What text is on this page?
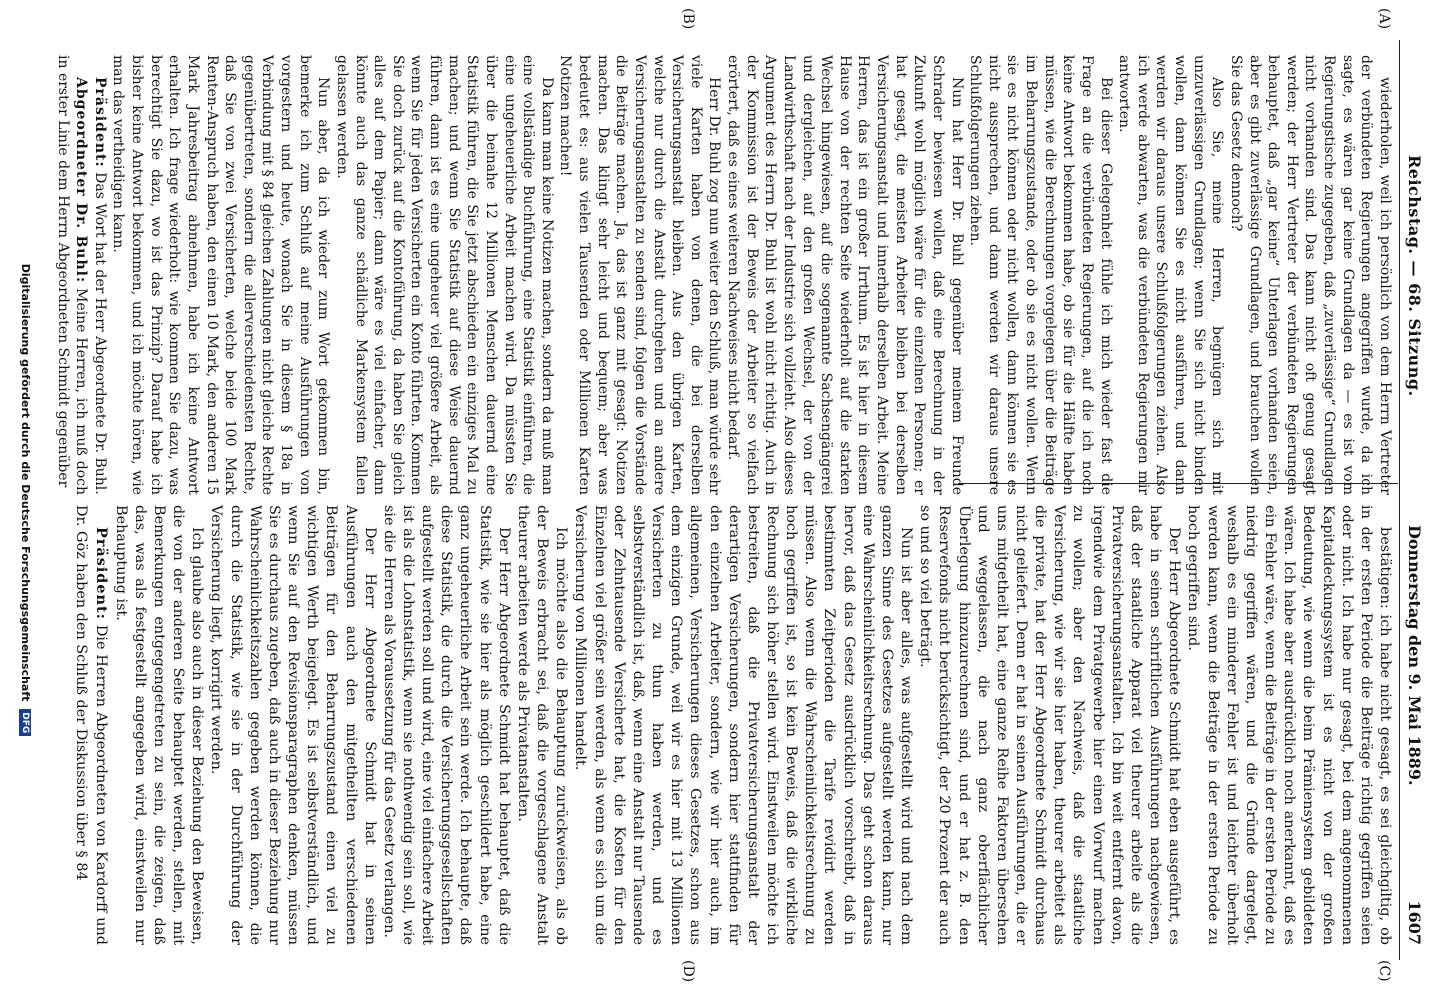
Reichstag. — 68. Sitzung.
Donnerstag den 9. Mai 1889.
1607
(A)
(B)
(C)
(D)

wiederholen, weil ich persönlich von dem Herrn Vertreter der verbündeten Regierungen angegriffen wurde, da ich sagte, es wären gar keine Grundlagen da — es ist vom Regierungstische zugegeben, daß „zuverlässige“ Grundlagen nicht vorhanden sind. Das kann nicht oft genug gesagt werden; der Herr Vertreter der verbündeten Regierungen behauptet, daß „gar keine“ Unterlagen vorhanden seien, aber es gibt zuverlässige Grundlagen, und brauchen wollen Sie das Gesetz dennoch?

Also Sie, meine Herren, begnügen sich mit unzuverlässigen Grundlagen; wenn Sie sich nicht binden wollen, dann können Sie es nicht ausführen, und dann werden wir daraus unsere Schlußfolgerungen ziehen. Also ich werde abwarten, was die verbündeten Regierungen mir antworten.

Bei dieser Gelegenheit fühle ich mich wieder fast die Frage an die verbündeten Regierungen, auf die ich noch keine Antwort bekommen habe, ob sie für die Hälfte haben müssen, wie die Berechnungen vorgelegen über die Beiträge im Beharrungszustande, oder ob sie es nicht wollen. Wenn sie es nicht können oder nicht wollen, dann können sie es nicht aussprechen, und dann werden wir daraus unsere Schlußfolgerungen ziehen.

Nun hat Herr Dr. Buhl gegenüber meinem Freunde Schrader bewiesen wollen, daß eine Berechnung in der Zukunft wohl möglich wäre für die einzelnen Personen; er hat gesagt, die meisten Arbeiter bleiben bei derselben Versicherungsanstalt und innerhalb derselben Arbeit. Meine Herren, das ist ein großer Irrthum. Es ist hier in diesem Hause von der rechten Seite wiederholt auf die starken Wechsel hingewiesen, auf die sogenannte Sachsengängerei und dergleichen, auf den großen Wechsel, der von der Landwirthschaft nach der Industrie sich vollzieht. Also dieses Argument des Herrn Dr. Buhl ist wohl nicht richtig. Auch in der Kommission ist der Beweis der Arbeiter so vielfach erörtert, daß es eines weiteren Nachweises nicht bedarf.

Herr Dr. Buhl zog nun weiter den Schluß, man würde sehr viele Karten haben von denen, die bei derselben Versicherungsanstalt bleiben. Aus den übrigen Karten, welche nur durch die Anstalt durchgehen und an andere Versicherungsanstalten zu senden sind, folgen die Vorstände die Beiträge machen. Ja, das ist ganz mit gesagt: Notizen machen. Das klingt sehr leicht und bequem; aber was bedeutet es: aus vielen Tausenden oder Millionen Karten Notizen machen!

Da kann man keine Notizen machen, sondern da muß man eine vollständige Buchführung, eine Statistik einführen, die eine ungeheuerliche Arbeit machen wird. Da müssten Sie über die beinahe 12 Millionen Menschen dauernd eine Statistik führen, die Sie jetzt abschieden ein einziges Mal zu machen; und wenn Sie Statistik auf diese Weise dauernd führen, dann ist es eine ungeheuer viel größere Arbeit, als wenn Sie für jeden Versicherten ein Konto führten. Kommen Sie doch zurück auf die Kontoführung, da haben Sie gleich alles auf dem Papier; dann wäre es viel einfacher, dann könnte auch das ganze schädliche Markensystem fallen gelassen werden.

Nun aber, da ich wieder zum Wort gekommen bin, bemerke ich zum Schluß auf meine Ausführungen von vorgestern und heute, wonach Sie in diesem § 18a in Verbindung mit § 84 gleichen Zahlungen nicht gleiche Rechte gegenübertreten, sondern die allerverschiedensten Rechte, daß Sie von zwei Versicherten, welche beide 100 Mark Renten-Anspruch haben, den einen 10 Mark, den anderen 15 Mark Jahresbeitrag abnehmen, habe ich keine Antwort erhalten. Ich frage wiederholt: wie kommen Sie dazu, was berechtigt Sie dazu, wo ist das Prinzip? Darauf habe ich bisher keine Antwort bekommen, und ich möchte hören, wie man das vertheidigen kann.

Präsident: Das Wort hat der Herr Abgeordnete Dr. Buhl.

Abgeordneter Dr. Buhl: Meine Herren, ich muß doch in erster Linie dem Herrn Abgeordneten Schmidt gegenüber

bestätigen: ich habe nicht gesagt, es sei gleichgiltig, ob in der ersten Periode die Beiträge richtig gegriffen seien oder nicht. Ich habe nur gesagt, bei dem angenommenen Kapitaldeckungssystem ist es nicht von der großen Bedeutung, wie wenn die beim Prämiensystem gebildeten wären. Ich habe aber ausdrücklich noch anerkannt, daß es ein Fehler wäre, wenn die Beiträge in der ersten Periode zu niedrig gegriffen wären, und die Gründe dargelegt, weshalb es ein minderer Fehler ist und leichter überholt werden kann, wenn die Beiträge in der ersten Periode zu hoch gegriffen sind.

Der Herr Abgeordnete Schmidt hat eben ausgeführt, es habe in seinen schriftlichen Ausführungen nachgewiesen, daß der staatliche Apparat viel theurer arbeite als die Privatversicherungsanstalten. Ich bin weit entfernt davon, irgendwie dem Privatgewerbe hier einen Vorwurf machen zu wollen; aber den Nachweis, daß die staatliche Versicherung, wie wir sie hier haben, theurer arbeitet als die private, hat der Herr Abgeordnete Schmidt durchaus nicht geliefert. Denn er hat in seinen Ausführungen, die er uns mitgetheilt hat, eine ganze Reihe Faktoren übersehen und weggelassen, die nach ganz oberflächlicher Überlegung hinzuzurechnen sind, und er hat z. B. den Reservefonds nicht berücksichtigt, der 20 Prozent der auch so und so viel beträgt.

Nun ist aber alles, was aufgestellt wird und nach dem ganzen Sinne des Gesetzes aufgestellt werden kann, nur eine Wahrscheinlichkeitsrechnung. Das geht schon daraus hervor, daß das Gesetz ausdrücklich vorschreibt, daß in bestimmten Zeitperioden die Tarife revidirt werden müssen. Also wenn die Wahrscheinlichkeitsrechnung zu hoch gegriffen ist, so ist kein Beweis, daß die wirkliche Rechnung sich höher stellen wird. Einstweilen möchte ich bestreiten, daß die Privatversicherungsanstalt der derartigen Versicherungen, sondern hier stattfinden für den einzelnen Arbeiter, sondern, wie wir hier auch, im allgemeinen, Versicherungen dieses Gesetzes, schon aus dem einzigen Grunde, weil wir es hier mit 13 Millionen Versicherten zu thun haben werden, und es selbstverständlich ist, daß, wenn eine Anstalt nur Tausende oder Zehntausende Versicherte hat, die Kosten für den Einzelnen viel größer sein werden, als wenn es sich um die Versicherung von Millionen handelt.

Ich möchte also die Behauptung zurückweisen, als ob der Beweis erbracht sei, daß die vorgeschlagene Anstalt theurer arbeiten werde als Privatanstalten.

Der Herr Abgeordnete Schmidt hat behauptet, daß die Statistik, wie sie hier als möglich geschildert habe, eine ganz ungeheuerliche Arbeit sein werde. Ich behaupte, daß diese Statistik, die durch die Versicherungsgesellschaften aufgestellt werden soll und wird, eine viel einfachere Arbeit ist als die Lohnstatistik, wenn sie nothwendig sein soll, wie sie die Herren als Voraussetzung für das Gesetz verlangen.

Der Herr Abgeordnete Schmidt hat in seinen Ausführungen auch den mitgetheilten verschiedenen Beiträgen für den Beharrungszustand einen viel zu wichtigen Werth beigelegt. Es ist selbstverständlich, und wenn Sie auf den Revisionsparagraphen denken, müssen Sie es durchaus zugeben, daß auch in dieser Beziehung nur Wahrscheinlichkeitszahlen gegeben werden können, die durch die Statistik, wie sie in der Durchführung der Versicherung liegt, korrigirt werden.

Ich glaube also auch in dieser Beziehung den Beweisen, die von der anderen Seite behauptet werden, stellen, mit Bemerkungen entgegengetreten zu sein, die zeigen, daß das, was als festgestellt angegeben wird, einstweilen nur Behauptung ist.

Präsident: Die Herren Abgeordneten von Kardorff und Dr. Göz haben den Schluß der Diskussion über § 84

Digitalisierung gefördert durch die Deutsche Forschungsgemeinschaft DFG
